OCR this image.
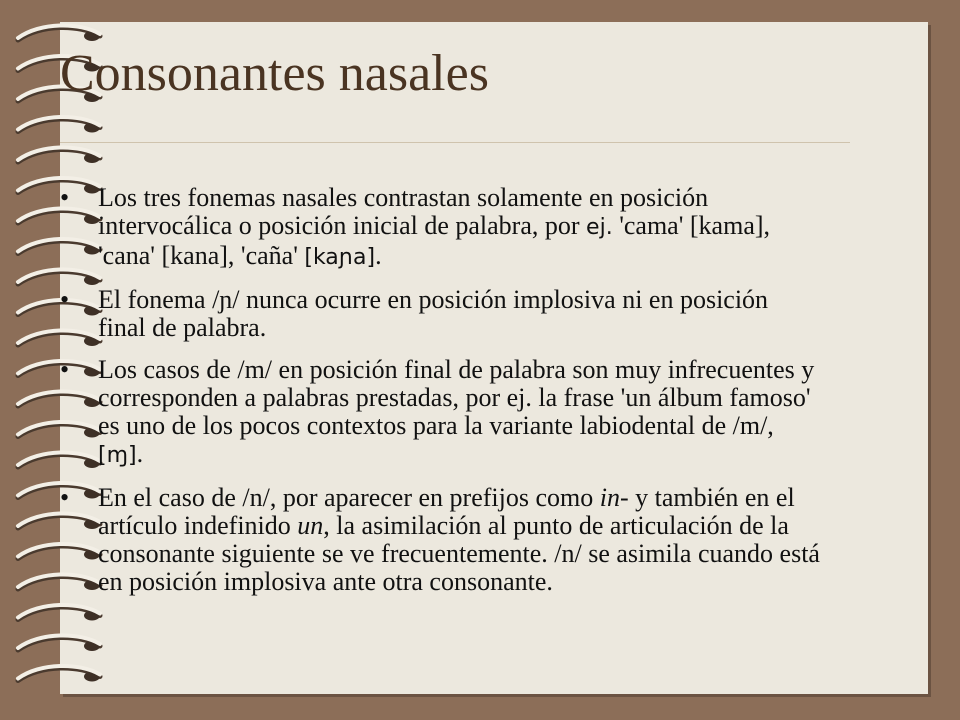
Consonantes nasales
• Los tres fonemas nasales contrastan solamente en posición intervocálica o posición inicial de palabra, por ej. 'cama' [kama], 'cana' [kana], 'caña' [kaɲa].
• El fonema /ɲ/ nunca ocurre en posición implosiva ni en posición final de palabra.
• Los casos de /m/ en posición final de palabra son muy infrecuentes y corresponden a palabras prestadas, por ej. la frase 'un álbum famoso' es uno de los pocos contextos para la variante labiodental de /m/, [ɱ].
• En el caso de /n/, por aparecer en prefijos como in- y también en el artículo indefinido un, la asimilación al punto de articulación de la consonante siguiente se ve frecuentemente. /n/ se asimila cuando está en posición implosiva ante otra consonante.
